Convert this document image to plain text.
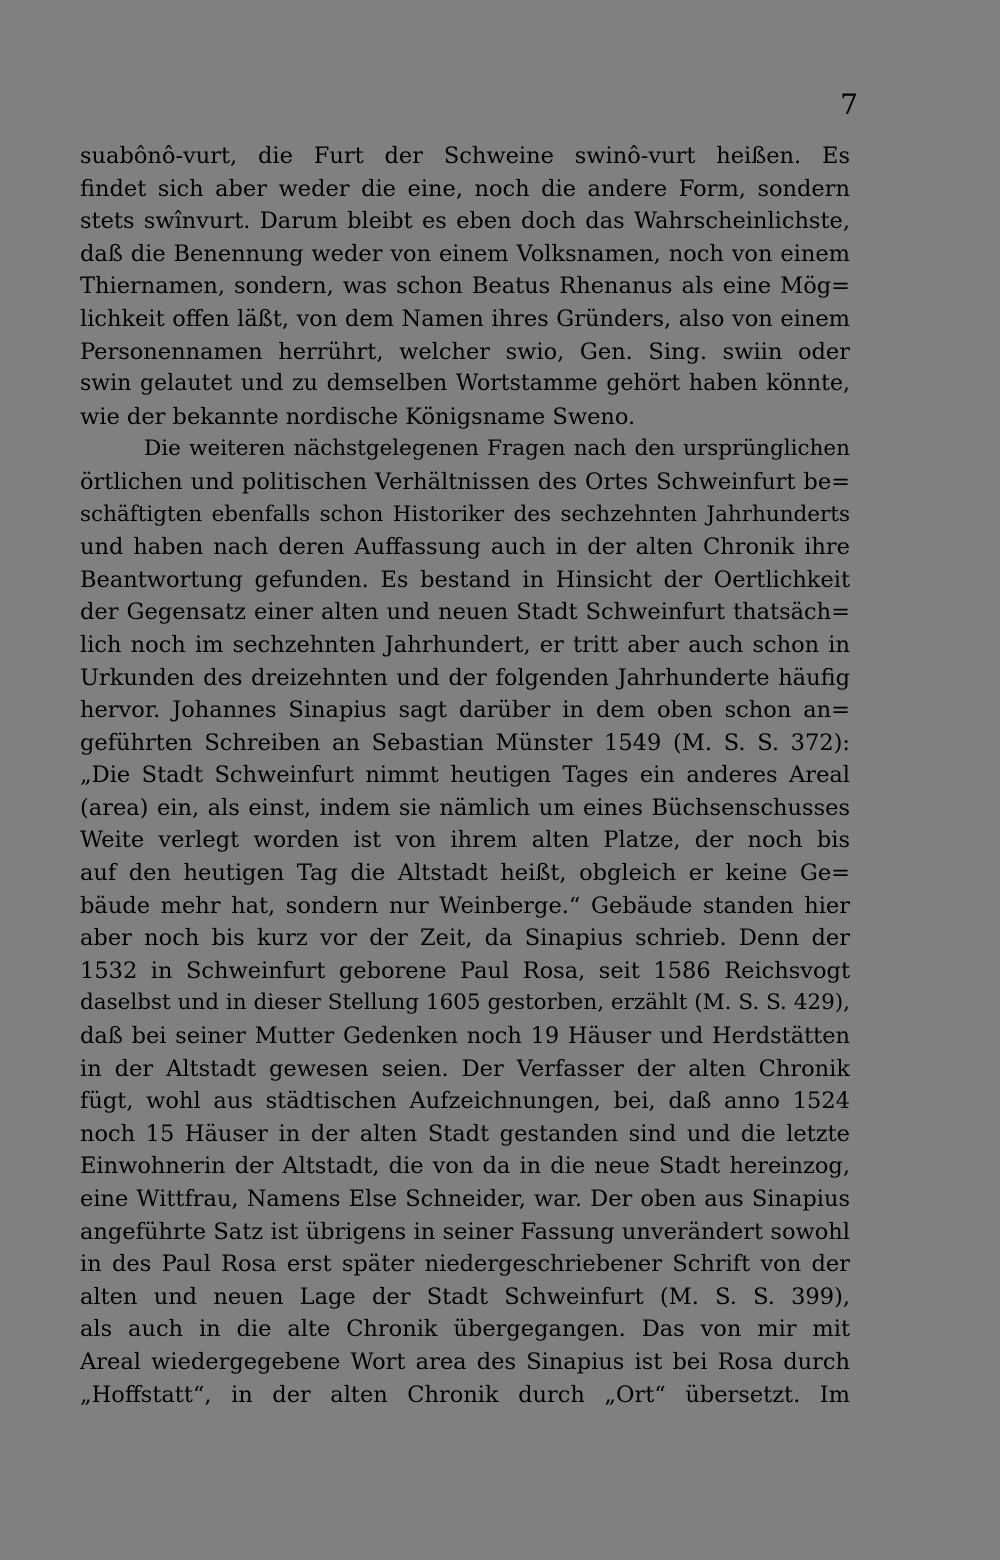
7
suabônô-vurt, die Furt der Schweine swinô-vurt heißen. Es
findet sich aber weder die eine, noch die andere Form, sondern
stets swînvurt. Darum bleibt es eben doch das Wahrscheinlichste,
daß die Benennung weder von einem Volksnamen, noch von einem
Thiernamen, sondern, was schon Beatus Rhenanus als eine Mög=
lichkeit offen läßt, von dem Namen ihres Gründers, also von einem
Personennamen herrührt, welcher swio, Gen. Sing. swiin oder
swin gelautet und zu demselben Wortstamme gehört haben könnte,
wie der bekannte nordische Königsname Sweno.
Die weiteren nächstgelegenen Fragen nach den ursprünglichen
örtlichen und politischen Verhältnissen des Ortes Schweinfurt be=
schäftigten ebenfalls schon Historiker des sechzehnten Jahrhunderts
und haben nach deren Auffassung auch in der alten Chronik ihre
Beantwortung gefunden. Es bestand in Hinsicht der Oertlichkeit
der Gegensatz einer alten und neuen Stadt Schweinfurt thatsäch=
lich noch im sechzehnten Jahrhundert, er tritt aber auch schon in
Urkunden des dreizehnten und der folgenden Jahrhunderte häufig
hervor. Johannes Sinapius sagt darüber in dem oben schon an=
geführten Schreiben an Sebastian Münster 1549 (M. S. S. 372):
„Die Stadt Schweinfurt nimmt heutigen Tages ein anderes Areal
(area) ein, als einst, indem sie nämlich um eines Büchsenschusses
Weite verlegt worden ist von ihrem alten Platze, der noch bis
auf den heutigen Tag die Altstadt heißt, obgleich er keine Ge=
bäude mehr hat, sondern nur Weinberge.“ Gebäude standen hier
aber noch bis kurz vor der Zeit, da Sinapius schrieb. Denn der
1532 in Schweinfurt geborene Paul Rosa, seit 1586 Reichsvogt
daselbst und in dieser Stellung 1605 gestorben, erzählt (M. S. S. 429),
daß bei seiner Mutter Gedenken noch 19 Häuser und Herdstätten
in der Altstadt gewesen seien. Der Verfasser der alten Chronik
fügt, wohl aus städtischen Aufzeichnungen, bei, daß anno 1524
noch 15 Häuser in der alten Stadt gestanden sind und die letzte
Einwohnerin der Altstadt, die von da in die neue Stadt hereinzog,
eine Wittfrau, Namens Else Schneider, war. Der oben aus Sinapius
angeführte Satz ist übrigens in seiner Fassung unverändert sowohl
in des Paul Rosa erst später niedergeschriebener Schrift von der
alten und neuen Lage der Stadt Schweinfurt (M. S. S. 399),
als auch in die alte Chronik übergegangen. Das von mir mit
Areal wiedergegebene Wort area des Sinapius ist bei Rosa durch
„Hoffstatt“, in der alten Chronik durch „Ort“ übersetzt. Im
